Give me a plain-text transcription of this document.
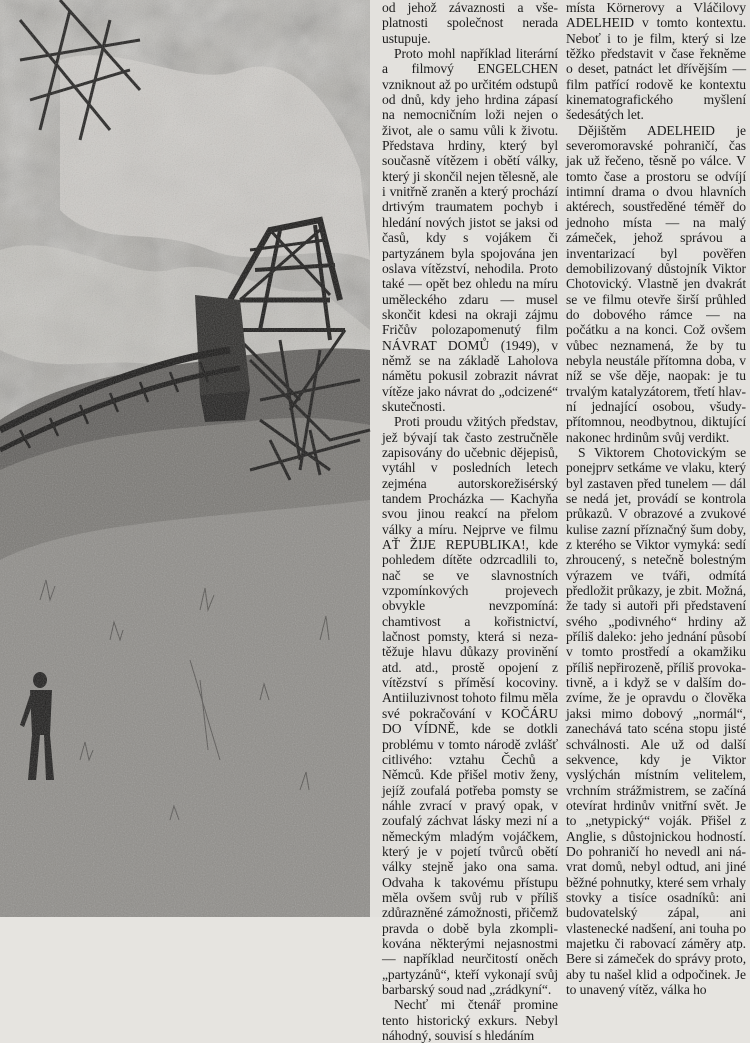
od jehož závaznosti a všeplatnosti společnost nerada ustupuje.

Proto mohl například literární a filmový ENGELCHEN vzniknout až po určitém odstupů od dnů, kdy jeho hrdina zápasí na nemocničním loži nejen o život, ale o samu vůli k životu. Představa hrdiny, který byl současně vítězem i obětí války, který ji skončil nejen tělesně, ale i vnitřně zraněn a který prochází drtivým traumatem pochyb i hledání nových jistot se jaksi od časů, kdy s vojákem či partyzánem byla spojována jen oslava vítězství, nehodila. Proto také — opět bez ohledu na míru uměleckého zdaru — musel skončit kdesi na okraji zájmu Fričův polozapomenutý film NÁVRAT DOMŮ (1949), v němž se na základě Laholova námětu pokusil zobrazit návrat vítěze jako návrat do „odcizené“ skutečnosti.

Proti proudu vžitých představ, jež bývají tak často zestručněle zapisovány do učebnic dějepisů, vytáhl v posledních letech zejména autorskorežisérský tandem Procházka — Kachyňa svou jinou reakcí na přelom války a míru. Nejprve ve filmu AŤ ŽIJE REPUBLIKA!, kde pohledem dítěte odzrcadlili to, nač se ve slavnostních vzpomínkových projevech obvykle nevzpomíná: chamtivost a kořistnictví, lačnost pomsty, která si nezatěžuje hlavu důkazy provinění atd. atd., prostě opojení z vítězství s příměsí kocoviny. Antiiluzivnost tohoto filmu měla své pokračování v KOČÁRU DO VÍDNĚ, kde se dotkli problému v tomto národě zvlášť citlivého: vztahu Čechů a Němců. Kde přišel motiv ženy, jejíž zoufalá potřeba pomsty se náhle zvrací v pravý opak, v zoufalý záchvat lásky mezi ní a německým mladým vojáčkem, který je v pojetí tvůrců obětí války stejně jako ona sama. Odvaha k takovému přístupu měla ovšem svůj rub v příliš zdůrazněné zámožnosti, přičemž pravda o době byla zkomplikována některými nejasnostmi — například neurčitostí oněch „partyzánů“, kteří vykonají svůj barbarský soud nad „zrádkyní“.

Nechť mi čtenář promine tento historický exkurs. Nebyl náhodný, souvisí s hledáním

místa Körnerovy a Vláčilovy ADELHEID v tomto kontextu. Neboť i to je film, který si lze těžko představit v čase řekněme o deset, patnáct let dřívějším — film patřící rodově ke kontextu kinematografického myšlení šedesátých let.

Dějištěm ADELHEID je severomoravské pohraničí, čas jak už řečeno, těsně po válce. V tomto čase a prostoru se odvíjí intimní drama o dvou hlavních aktérech, soustředěné téměř do jednoho místa — na malý zámeček, jehož správou a inventarizací byl pověřen demobilizovaný důstojník Viktor Chotovický. Vlastně jen dvakrát se ve filmu otevře širší průhled do dobového rámce — na počátku a na konci. Což ovšem vůbec neznamená, že by tu nebyla neustále přítomna doba, v níž se vše děje, naopak: je tu trvalým katalyzátorem, třetí hlavní jednající osobou, všudypřítomnou, neodbytnou, diktující nakonec hrdinům svůj verdikt.

S Viktorem Chotovickým se ponejprv setkáme ve vlaku, který byl zastaven před tunelem — dál se nedá jet, provádí se kontrola průkazů. V obrazové a zvukové kulise zazní příznačný šum doby, z kterého se Viktor vymyká: sedí zhroucený, s netečně bolestným výrazem ve tváři, odmítá předložit průkazy, je zbit. Možná, že tady si autoři při představení svého „podivného“ hrdiny až příliš daleko: jeho jednání působí v tomto prostředí a okamžiku příliš nepřirozeně, příliš provokativně, a i když se v dalším dozvíme, že je opravdu o člověka jaksi mimo dobový „normál“, zanechává tato scéna stopu jisté schválnosti. Ale už od další sekvence, kdy je Viktor vyslýchán místním velitelem, vrchním strážmistrem, se začíná otevírat hrdinův vnitřní svět. Je to „netypický“ voják. Přišel z Anglie, s důstojnickou hodností. Do pohraničí ho nevedl ani návrat domů, nebyl odtud, ani jiné běžné pohnutky, které sem vrhaly stovky a tisíce osadníků: ani budovatelský zápal, ani vlastenecké nadšení, ani touha po majetku či rabovací záměry atp. Bere si zámeček do správy proto, aby tu našel klid a odpočinek. Je to unavený vítěz, válka ho
